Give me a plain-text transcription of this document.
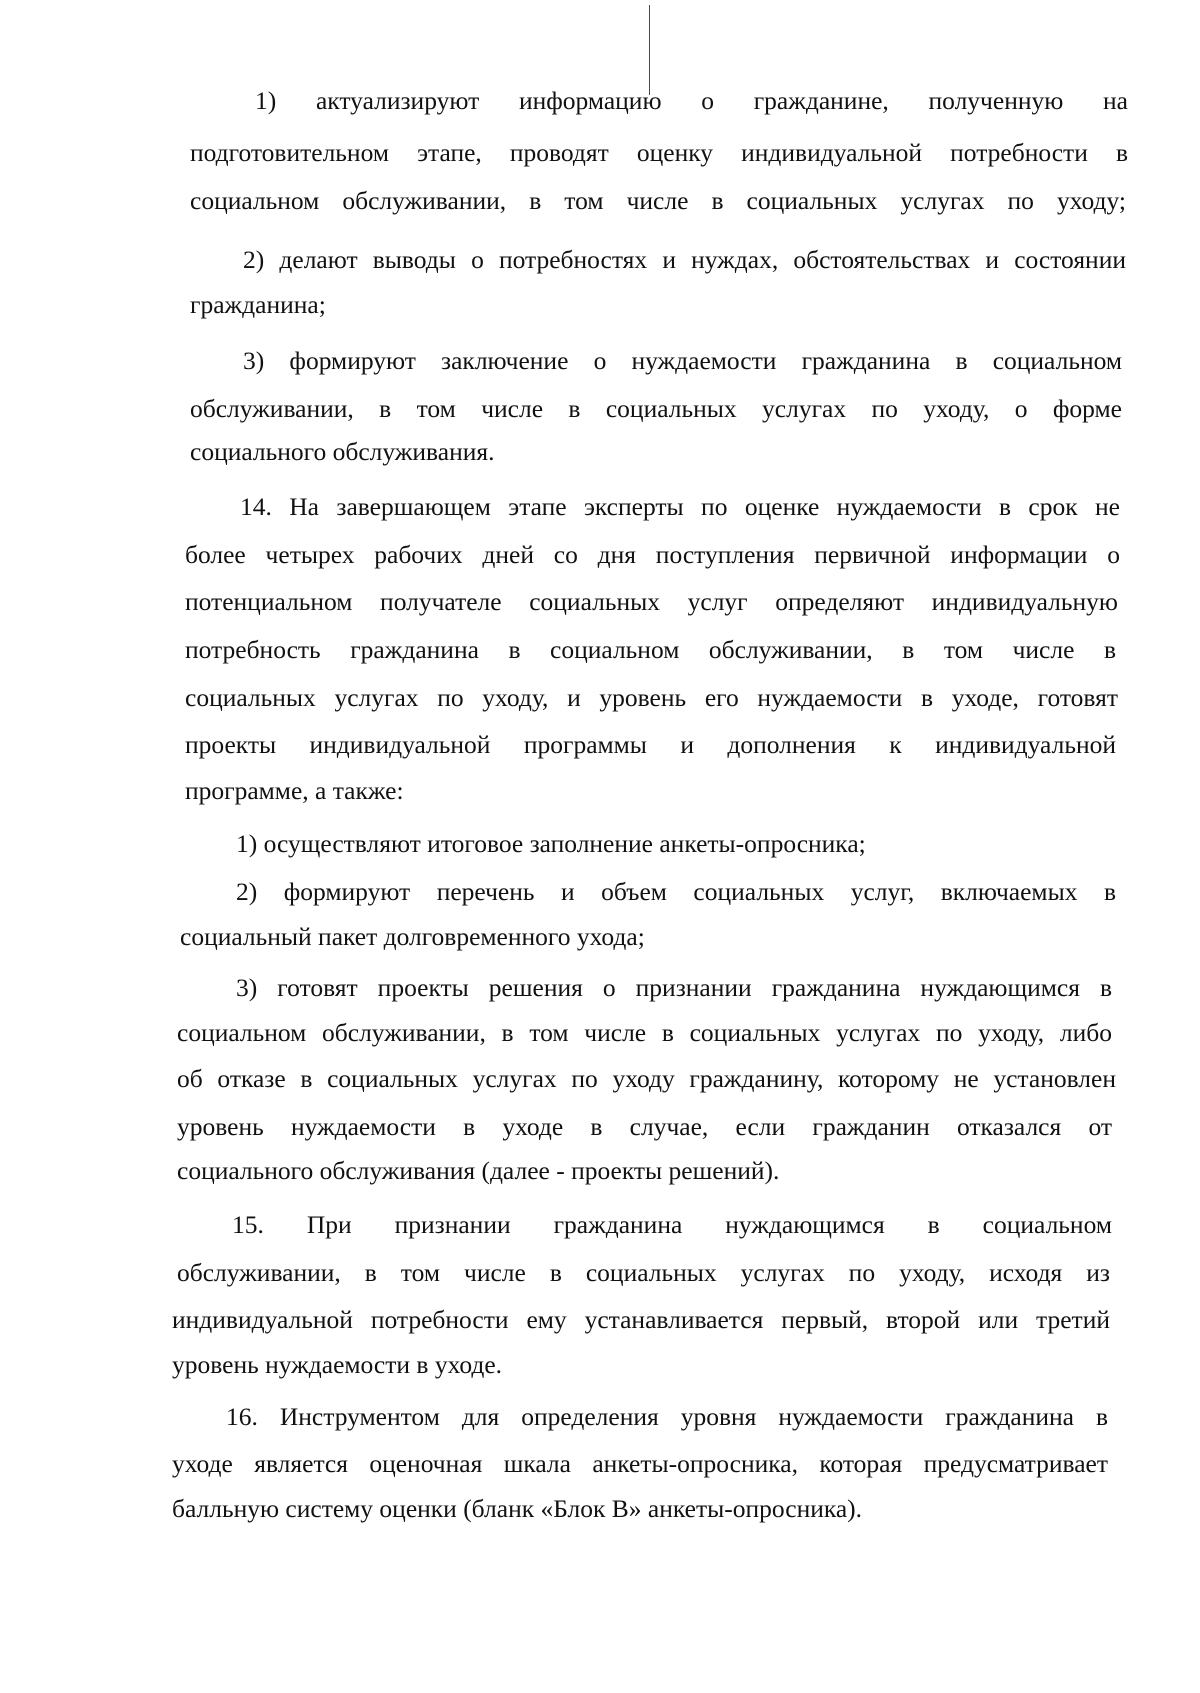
1) актуализируют информацию о гражданине, полученную на
подготовительном этапе, проводят оценку индивидуальной потребности в
социальном обслуживании, в том числе в социальных услугах по уходу;
2) делают выводы о потребностях и нуждах, обстоятельствах и состоянии
гражданина;
3) формируют заключение о нуждаемости гражданина в социальном
обслуживании, в том числе в социальных услугах по уходу, о форме
социального обслуживания.
14. На завершающем этапе эксперты по оценке нуждаемости в срок не
более четырех рабочих дней со дня поступления первичной информации о
потенциальном получателе социальных услуг определяют индивидуальную
потребность гражданина в социальном обслуживании, в том числе в
социальных услугах по уходу, и уровень его нуждаемости в уходе, готовят
проекты индивидуальной программы и дополнения к индивидуальной
программе, а также:
1) осуществляют итоговое заполнение анкеты-опросника;
2) формируют перечень и объем социальных услуг, включаемых в
социальный пакет долговременного ухода;
3) готовят проекты решения о признании гражданина нуждающимся в
социальном обслуживании, в том числе в социальных услугах по уходу, либо
об отказе в социальных услугах по уходу гражданину, которому не установлен
уровень нуждаемости в уходе в случае, если гражданин отказался от
социального обслуживания (далее - проекты решений).
15. При признании гражданина нуждающимся в социальном
обслуживании, в том числе в социальных услугах по уходу, исходя из
индивидуальной потребности ему устанавливается первый, второй или третий
уровень нуждаемости в уходе.
16. Инструментом для определения уровня нуждаемости гражданина в
уходе является оценочная шкала анкеты-опросника, которая предусматривает
балльную систему оценки (бланк «Блок В» анкеты-опросника).
